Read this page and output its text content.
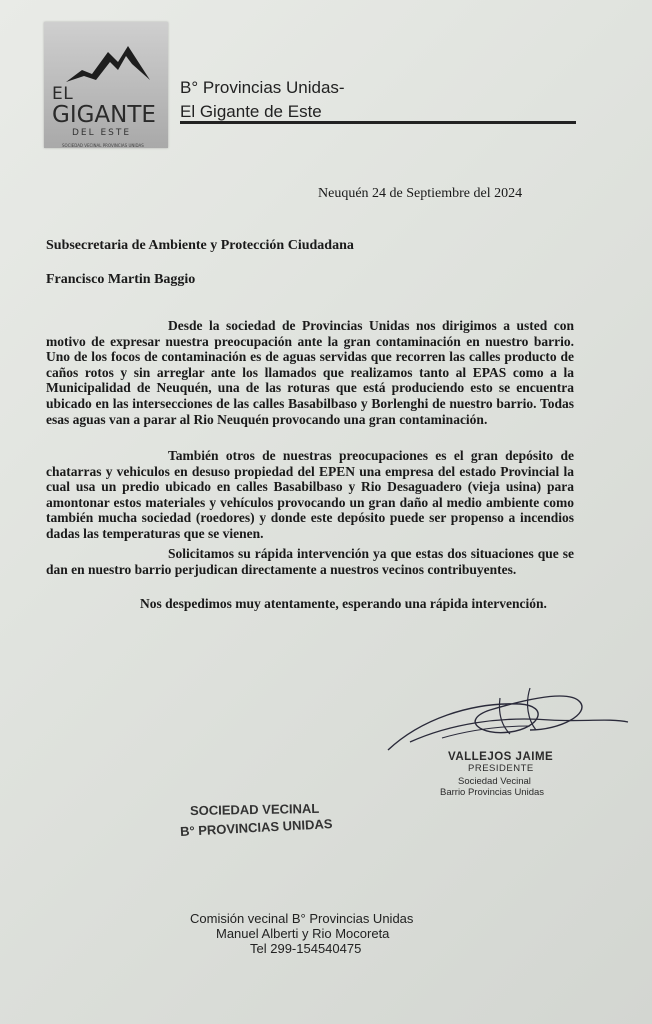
EL
GIGANTE
DEL ESTE
SOCIEDAD VECINAL PROVINCIAS UNIDAS
B° Provincias Unidas-
El Gigante de Este
Neuquén 24 de Septiembre del 2024
Subsecretaria de Ambiente y Protección Ciudadana
Francisco Martin Baggio
Desde la sociedad de Provincias Unidas nos dirigimos a usted con motivo de expresar nuestra preocupación ante la gran contaminación en nuestro barrio. Uno de los focos de contaminación es de aguas servidas que recorren las calles producto de caños rotos y sin arreglar ante los llamados que realizamos tanto al EPAS como a la Municipalidad de Neuquén, una de las roturas que está produciendo esto se encuentra ubicado en las intersecciones de las calles Basabilbaso y Borlenghi de nuestro barrio. Todas esas aguas van a parar al Rio Neuquén provocando una gran contaminación.
También otros de nuestras preocupaciones es el gran depósito de chatarras y vehiculos en desuso propiedad del EPEN una empresa del estado Provincial la cual usa un predio ubicado en calles Basabilbaso y Rio Desaguadero (vieja usina) para amontonar estos materiales y vehículos provocando un gran daño al medio ambiente como también mucha sociedad (roedores) y donde este depósito puede ser propenso a incendios dadas las temperaturas que se vienen.
Solicitamos su rápida intervención ya que estas dos situaciones que se dan en nuestro barrio perjudican directamente a nuestros vecinos contribuyentes.
Nos despedimos muy atentamente, esperando una rápida intervención.
VALLEJOS JAIME
PRESIDENTE
Sociedad Vecinal
Barrio Provincias Unidas
SOCIEDAD VECINAL
B° PROVINCIAS UNIDAS
Comisión vecinal B° Provincias Unidas
Manuel Alberti y Rio Mocoreta
Tel 299-154540475
